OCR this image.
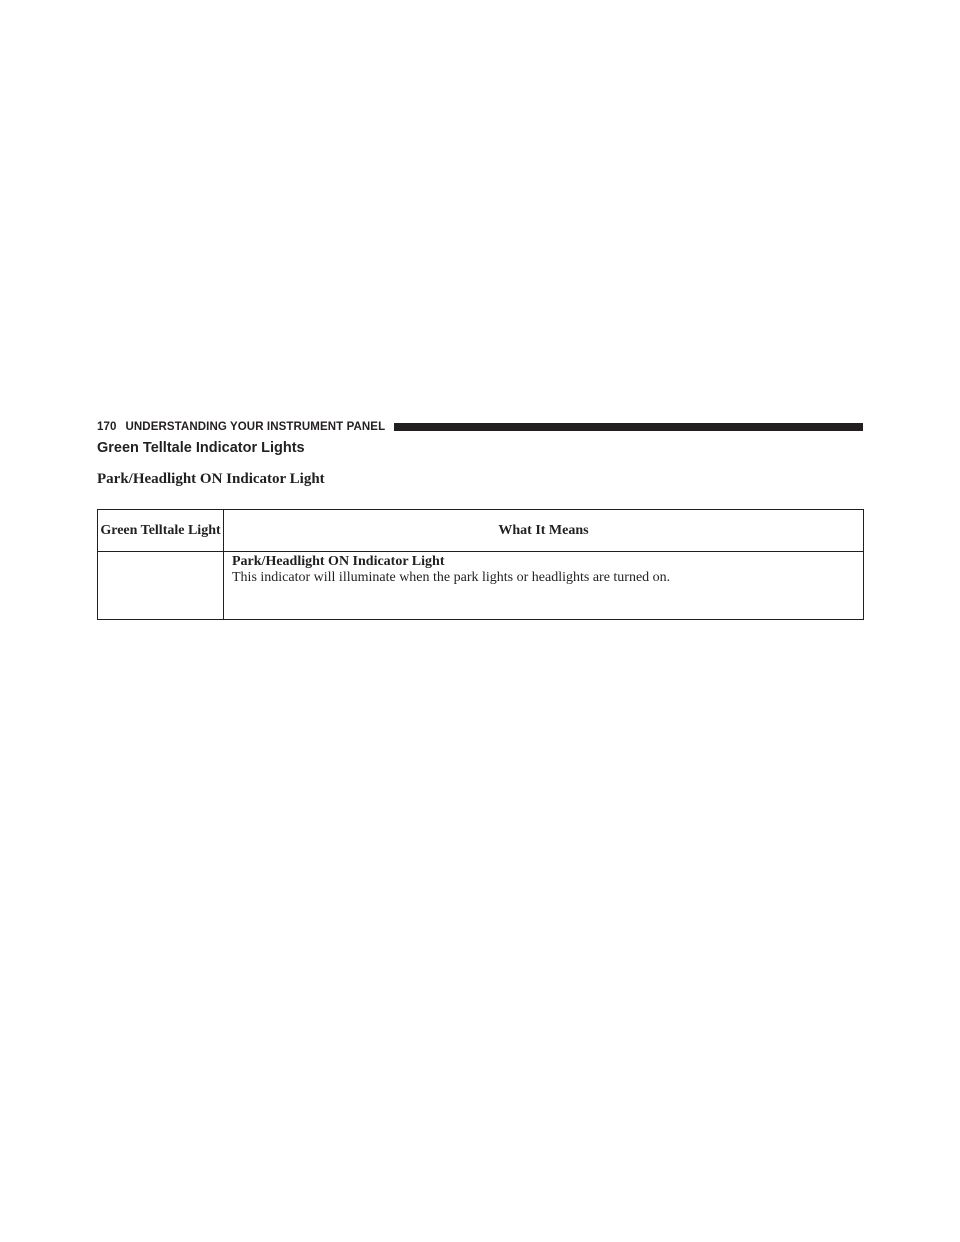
170 UNDERSTANDING YOUR INSTRUMENT PANEL
Green Telltale Indicator Lights
Park/Headlight ON Indicator Light
Green Telltale Light	What It Means

	Park/Headlight ON Indicator Light
This indicator will illuminate when the park lights or headlights are turned on.
